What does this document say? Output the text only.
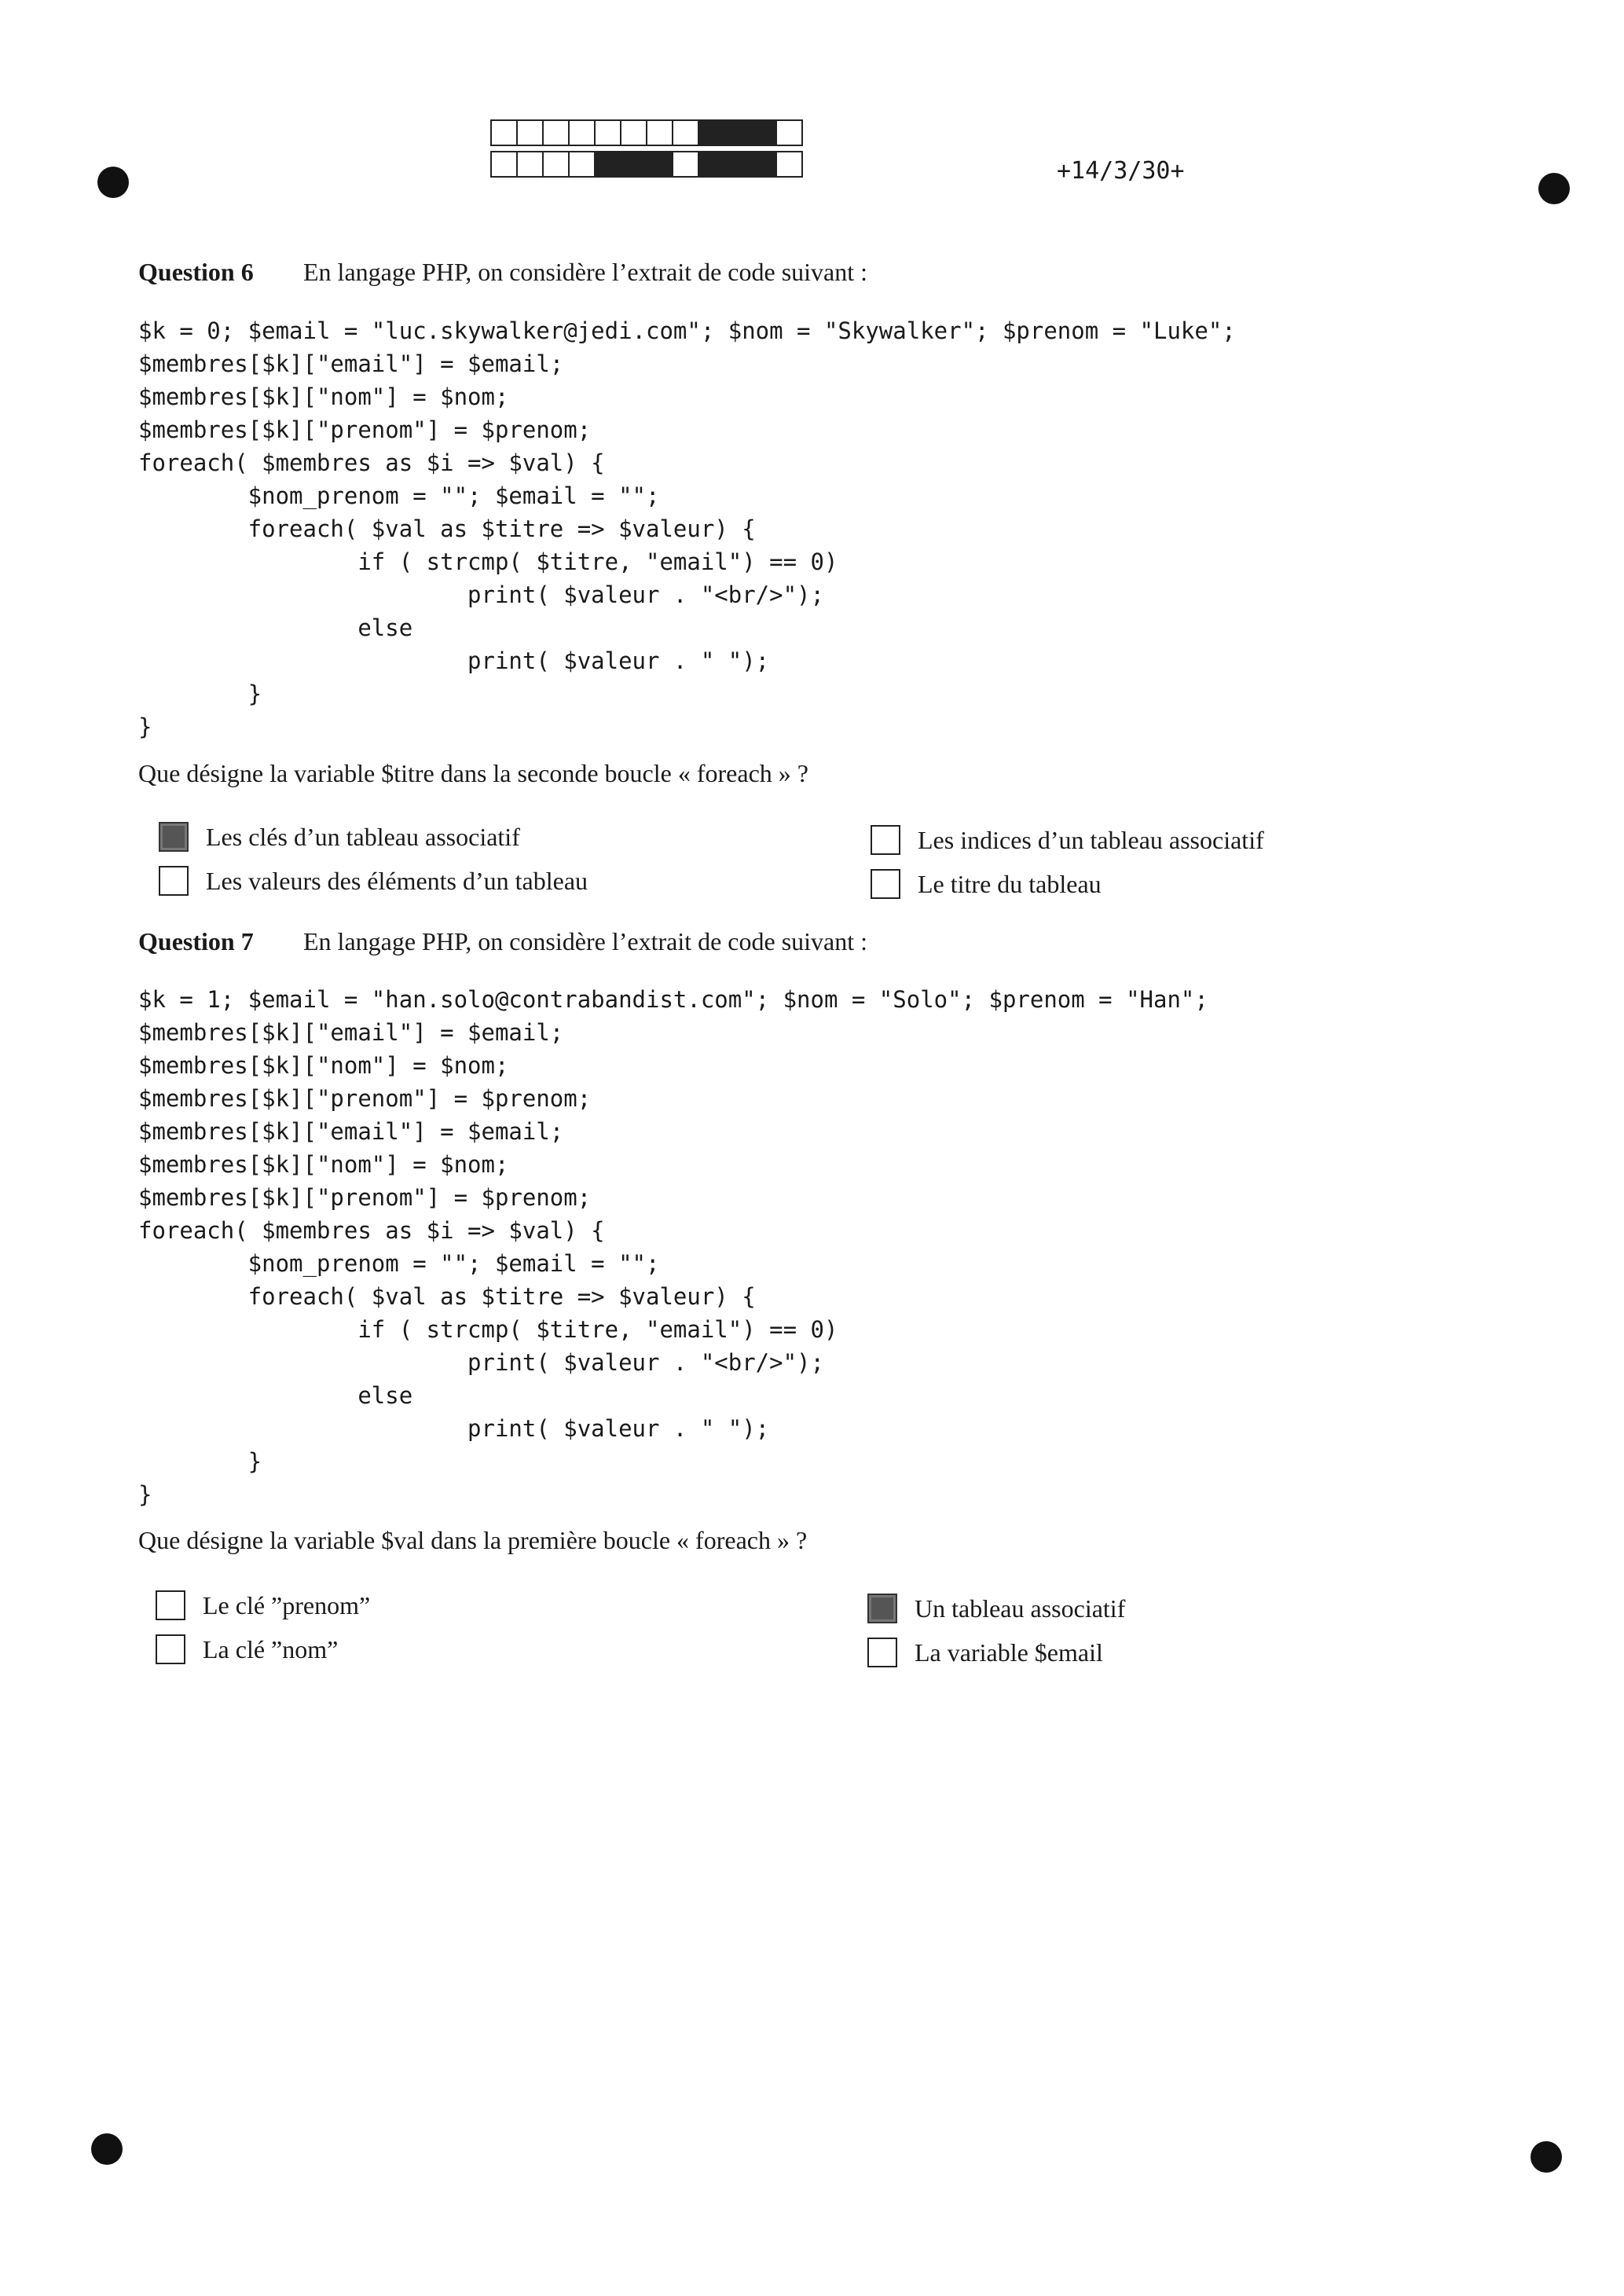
+14/3/30+
Question 6 En langage PHP, on considère l’extrait de code suivant :
$k = 0; $email = "luc.skywalker@jedi.com"; $nom = "Skywalker"; $prenom = "Luke";
$membres[$k]["email"] = $email;
$membres[$k]["nom"] = $nom;
$membres[$k]["prenom"] = $prenom;
foreach( $membres as $i => $val) {
$nom_prenom = ""; $email = "";
foreach( $val as $titre => $valeur) {
if ( strcmp( $titre, "email") == 0)
print( $valeur . "<br/>");
else
print( $valeur . " ");
}
}
Que désigne la variable $titre dans la seconde boucle « foreach » ?
Les clés d’un tableau associatif	Les indices d’un tableau associatif
Les valeurs des éléments d’un tableau	Le titre du tableau
Question 7 En langage PHP, on considère l’extrait de code suivant :
$k = 1; $email = "han.solo@contrabandist.com"; $nom = "Solo"; $prenom = "Han";
$membres[$k]["email"] = $email;
$membres[$k]["nom"] = $nom;
$membres[$k]["prenom"] = $prenom;
$membres[$k]["email"] = $email;
$membres[$k]["nom"] = $nom;
$membres[$k]["prenom"] = $prenom;
foreach( $membres as $i => $val) {
$nom_prenom = ""; $email = "";
foreach( $val as $titre => $valeur) {
if ( strcmp( $titre, "email") == 0)
print( $valeur . "<br/>");
else
print( $valeur . " ");
}
}
Que désigne la variable $val dans la première boucle « foreach » ?
Le clé ”prenom”	Un tableau associatif
La clé ”nom”	La variable $email
